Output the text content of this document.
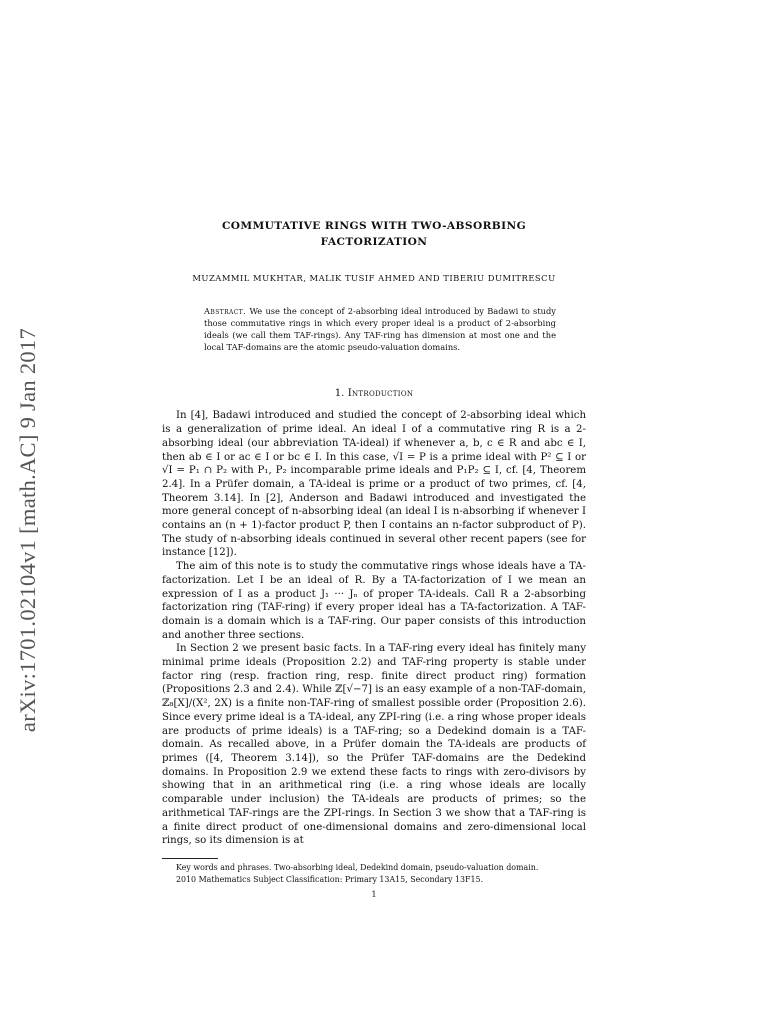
arXiv:1701.02104v1 [math.AC] 9 Jan 2017
COMMUTATIVE RINGS WITH TWO-ABSORBING FACTORIZATION
MUZAMMIL MUKHTAR, MALIK TUSIF AHMED AND TIBERIU DUMITRESCU
Abstract. We use the concept of 2-absorbing ideal introduced by Badawi to study those commutative rings in which every proper ideal is a product of 2-absorbing ideals (we call them TAF-rings). Any TAF-ring has dimension at most one and the local TAF-domains are the atomic pseudo-valuation domains.
1. Introduction

In [4], Badawi introduced and studied the concept of 2-absorbing ideal which is a generalization of prime ideal. An ideal I of a commutative ring R is a 2-absorbing ideal (our abbreviation TA-ideal) if whenever a, b, c ∈ R and abc ∈ I, then ab ∈ I or ac ∈ I or bc ∈ I. In this case, √I = P is a prime ideal with P² ⊆ I or √I = P₁ ∩ P₂ with P₁, P₂ incomparable prime ideals and P₁P₂ ⊆ I, cf. [4, Theorem 2.4]. In a Prüfer domain, a TA-ideal is prime or a product of two primes, cf. [4, Theorem 3.14]. In [2], Anderson and Badawi introduced and investigated the more general concept of n-absorbing ideal (an ideal I is n-absorbing if whenever I contains an (n + 1)-factor product P, then I contains an n-factor subproduct of P). The study of n-absorbing ideals continued in several other recent papers (see for instance [12]).

The aim of this note is to study the commutative rings whose ideals have a TA-factorization. Let I be an ideal of R. By a TA-factorization of I we mean an expression of I as a product J₁ ··· Jₙ of proper TA-ideals. Call R a 2-absorbing factorization ring (TAF-ring) if every proper ideal has a TA-factorization. A TAF-domain is a domain which is a TAF-ring. Our paper consists of this introduction and another three sections.

In Section 2 we present basic facts. In a TAF-ring every ideal has finitely many minimal prime ideals (Proposition 2.2) and TAF-ring property is stable under factor ring (resp. fraction ring, resp. finite direct product ring) formation (Propositions 2.3 and 2.4). While ℤ[√−7] is an easy example of a non-TAF-domain, ℤ₈[X]/(X², 2X) is a finite non-TAF-ring of smallest possible order (Proposition 2.6). Since every prime ideal is a TA-ideal, any ZPI-ring (i.e. a ring whose proper ideals are products of prime ideals) is a TAF-ring; so a Dedekind domain is a TAF-domain. As recalled above, in a Prüfer domain the TA-ideals are products of primes ([4, Theorem 3.14]), so the Prüfer TAF-domains are the Dedekind domains. In Proposition 2.9 we extend these facts to rings with zero-divisors by showing that in an arithmetical ring (i.e. a ring whose ideals are locally comparable under inclusion) the TA-ideals are products of primes; so the arithmetical TAF-rings are the ZPI-rings. In Section 3 we show that a TAF-ring is a finite direct product of one-dimensional domains and zero-dimensional local rings, so its dimension is at

Key words and phrases. Two-absorbing ideal, Dedekind domain, pseudo-valuation domain.
2010 Mathematics Subject Classification: Primary 13A15, Secondary 13F15.
1
